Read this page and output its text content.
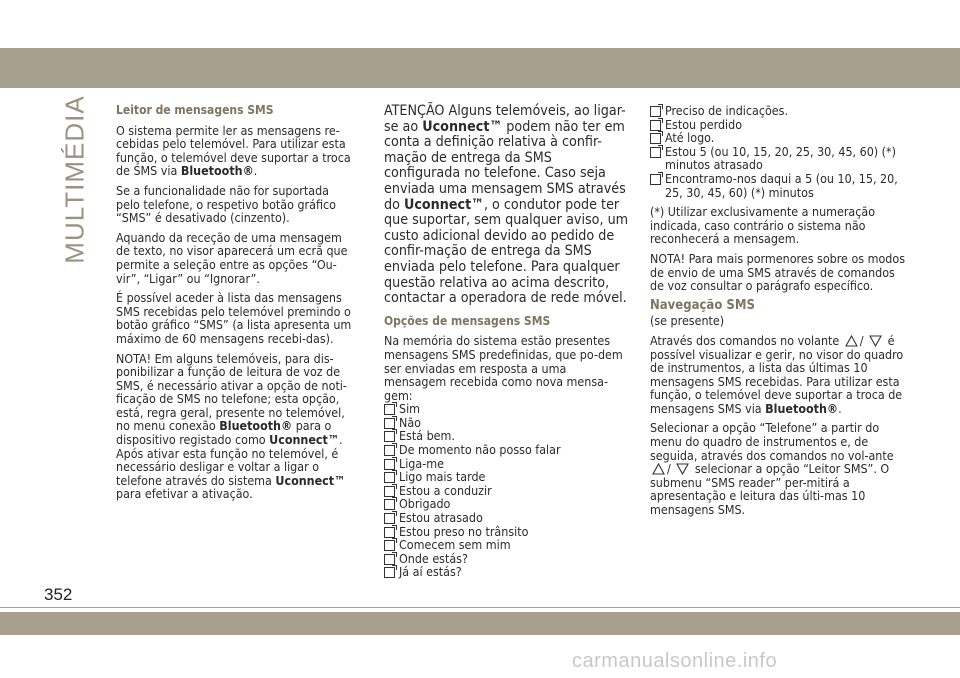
MULTIMÉDIA
352
Leitor de mensagens SMS

O sistema permite ler as mensagens re-cebidas pelo telemóvel. Para utilizar esta função, o telemóvel deve suportar a troca de SMS via Bluetooth®.

Se a funcionalidade não for suportada pelo telefone, o respetivo botão gráfico “SMS” é desativado (cinzento).

Aquando da receção de uma mensagem de texto, no visor aparecerá um ecrã que permite a seleção entre as opções “Ou-vir”, “Ligar” ou “Ignorar”.

É possível aceder à lista das mensagens SMS recebidas pelo telemóvel premindo o botão gráfico “SMS” (a lista apresenta um máximo de 60 mensagens recebi-das).

NOTA! Em alguns telemóveis, para dis-ponibilizar a função de leitura de voz de SMS, é necessário ativar a opção de noti-ficação de SMS no telefone; esta opção, está, regra geral, presente no telemóvel, no menu conexão Bluetooth® para o dispositivo registado como Uconnect™. Após ativar esta função no telemóvel, é necessário desligar e voltar a ligar o telefone através do sistema Uconnect™ para efetivar a ativação.

ATENÇÃO Alguns telemóveis, ao ligar-se ao Uconnect™ podem não ter em conta a definição relativa à confir-mação de entrega da SMS configurada no telefone. Caso seja enviada uma mensagem SMS através do Uconnect™, o condutor pode ter que suportar, sem qualquer aviso, um custo adicional devido ao pedido de confir-mação de entrega da SMS enviada pelo telefone. Para qualquer questão relativa ao acima descrito, contactar a operadora de rede móvel.

Opções de mensagens SMS

Na memória do sistema estão presentes mensagens SMS predefinidas, que po-dem ser enviadas em resposta a uma mensagem recebida como nova mensa-gem:

Sim
Não
Está bem.
De momento não posso falar
Liga-me
Ligo mais tarde
Estou a conduzir
Obrigado
Estou atrasado
Estou preso no trânsito
Comecem sem mim
Onde estás?
Já aí estás?
Preciso de indicações.
Estou perdido
Até logo.
Estou 5 (ou 10, 15, 20, 25, 30, 45, 60) (*) minutos atrasado
Encontramo-nos daqui a 5 (ou 10, 15, 20, 25, 30, 45, 60) (*) minutos

(*) Utilizar exclusivamente a numeração indicada, caso contrário o sistema não reconhecerá a mensagem.

NOTA! Para mais pormenores sobre os modos de envio de uma SMS através de comandos de voz consultar o parágrafo específico.

Navegação SMS

(se presente)

Através dos comandos no volante / é possível visualizar e gerir, no visor do quadro de instrumentos, a lista das últimas 10 mensagens SMS recebidas. Para utilizar esta função, o telemóvel deve suportar a troca de mensagens SMS via Bluetooth®.

Selecionar a opção “Telefone” a partir do menu do quadro de instrumentos e, de seguida, através dos comandos no vol-ante / selecionar a opção “Leitor SMS”. O submenu “SMS reader” per-mitirá a apresentação e leitura das últi-mas 10 mensagens SMS.

carmanualsonline.info
